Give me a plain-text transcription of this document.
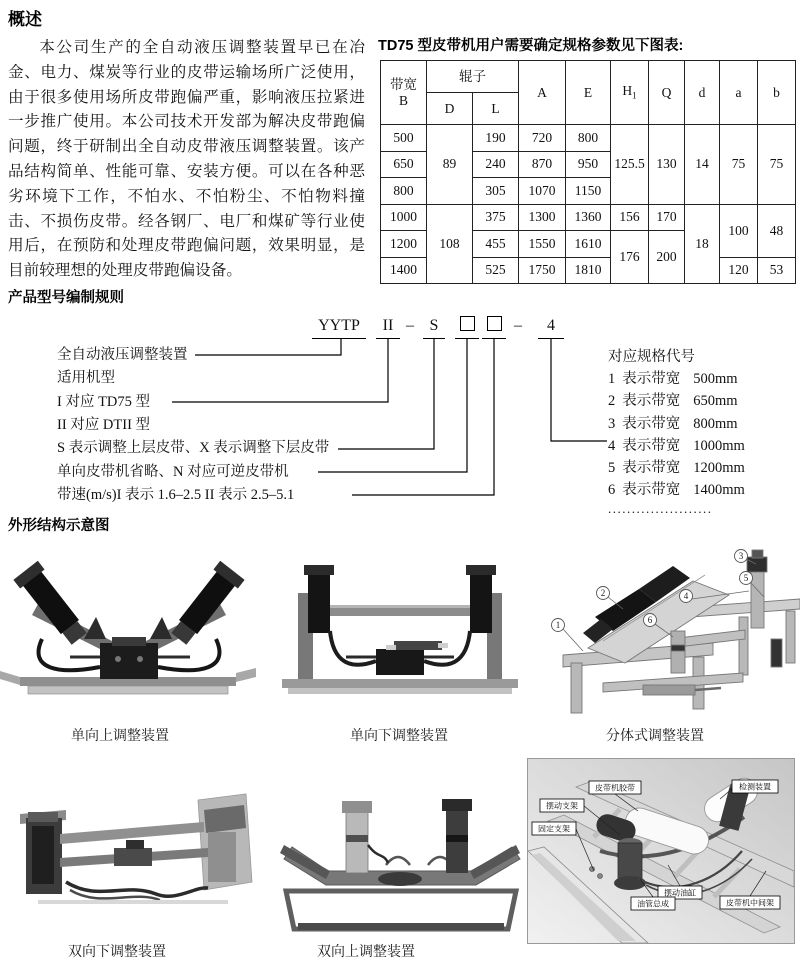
概述
本公司生产的全自动液压调整装置早已在冶金、电力、煤炭等行业的皮带运输场所广泛使用，由于很多使用场所皮带跑偏严重，影响液压拉紧进一步推广使用。本公司技术开发部为解决皮带跑偏问题，终于研制出全自动皮带液压调整装置。该产品结构简单、性能可靠、安装方便。可以在各种恶劣环境下工作，不怕水、不怕粉尘、不怕物料撞击、不损伤皮带。经各钢厂、电厂和煤矿等行业使用后，在预防和处理皮带跑偏问题，效果明显，是目前较理想的处理皮带跑偏设备。
TD75 型皮带机用户需要确定规格参数见下图表:
带宽
B	辊子		A	E	$H_1$	Q	d	a	b
	D	L							
500	89	190	720	800	125.5	130	14	75	75
650		240	870	950					
800		305	1070	1150					
1000	108	375	1300	1360	156	170	18	100	48
1200		455	1550	1610	176	200			
1400		525	1750	1810				120	53
产品型号编制规则
YYTP	II – S	–	4
全自动液压调整装置
适用机型
I 对应 TD75 型
II 对应 DTII 型
S 表示调整上层皮带、X 表示调整下层皮带
单向皮带机省略、N 对应可逆皮带机
带速(m/s)I 表示 1.6–2.5 II 表示 2.5–5.1
对应规格代号
1 表示带宽 500mm
2 表示带宽 650mm
3 表示带宽 800mm
4 表示带宽 1000mm
5 表示带宽 1200mm
6 表示带宽 1400mm
......................
外形结构示意图
单向上调整装置	单向下调整装置
1
2
3
4
5
6
分体式调整装置
双向下调整装置	双向上调整装置
皮带机胶带	检测装置
摆动支架
固定支架
摆动油缸
油管总成	皮带机中间架
